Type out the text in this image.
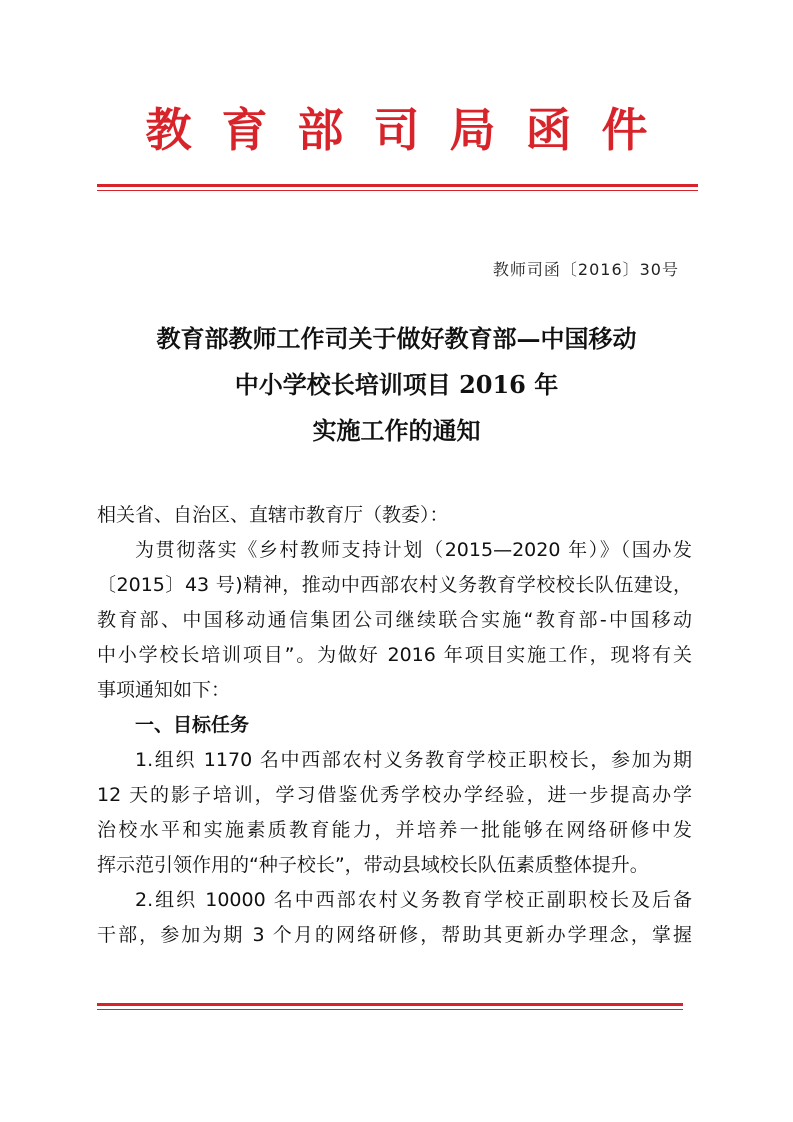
教育部司局函件
教师司函〔2016〕30号
教育部教师工作司关于做好教育部—中国移动
中小学校长培训项目 2016 年
实施工作的通知

相关省、自治区、直辖市教育厅（教委）：

为贯彻落实《乡村教师支持计划（2015—2020 年）》（国办发

〔2015〕43 号)精神，推动中西部农村义务教育学校校长队伍建设，

教育部、中国移动通信集团公司继续联合实施“教育部-中国移动

中小学校长培训项目”。为做好 2016 年项目实施工作，现将有关

事项通知如下：

一、目标任务

1.组织 1170 名中西部农村义务教育学校正职校长，参加为期

12 天的影子培训，学习借鉴优秀学校办学经验，进一步提高办学

治校水平和实施素质教育能力，并培养一批能够在网络研修中发

挥示范引领作用的“种子校长”，带动县域校长队伍素质整体提升。

2.组织 10000 名中西部农村义务教育学校正副职校长及后备

干部，参加为期 3 个月的网络研修，帮助其更新办学理念，掌握
